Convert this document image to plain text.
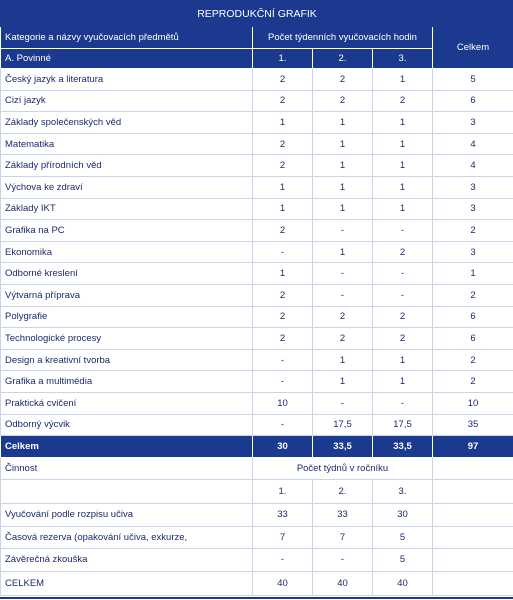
REPRODUKČNÍ GRAFIK				
Kategorie a názvy vyučovacích předmětů	Počet týdenních vyučovacích hodin			Celkem
A. Povinné	1.	2.	3.	
Český jazyk a literatura	2	2	1	5
Cizí jazyk	2	2	2	6
Základy společenských věd	1	1	1	3
Matematika	2	1	1	4
Základy přírodních věd	2	1	1	4
Výchova ke zdraví	1	1	1	3
Základy IKT	1	1	1	3
Grafika na PC	2	-	-	2
Ekonomika	-	1	2	3
Odborné kreslení	1	-	-	1
Výtvarná příprava	2	-	-	2
Polygrafie	2	2	2	6
Technologické procesy	2	2	2	6
Design a kreativní tvorba	-	1	1	2
Grafika a multimédia	-	1	1	2
Praktická cvičení	10	-	-	10
Odborný výcvik	-	17,5	17,5	35
Celkem	30	33,5	33,5	97
Činnost	Počet týdnů v ročníku			
	1.	2.	3.	
Vyučování podle rozpisu učiva	33	33	30	
Časová rezerva (opakování učiva, exkurze,	7	7	5	
Závěrečná zkouška	-	-	5	
CELKEM	40	40	40	
